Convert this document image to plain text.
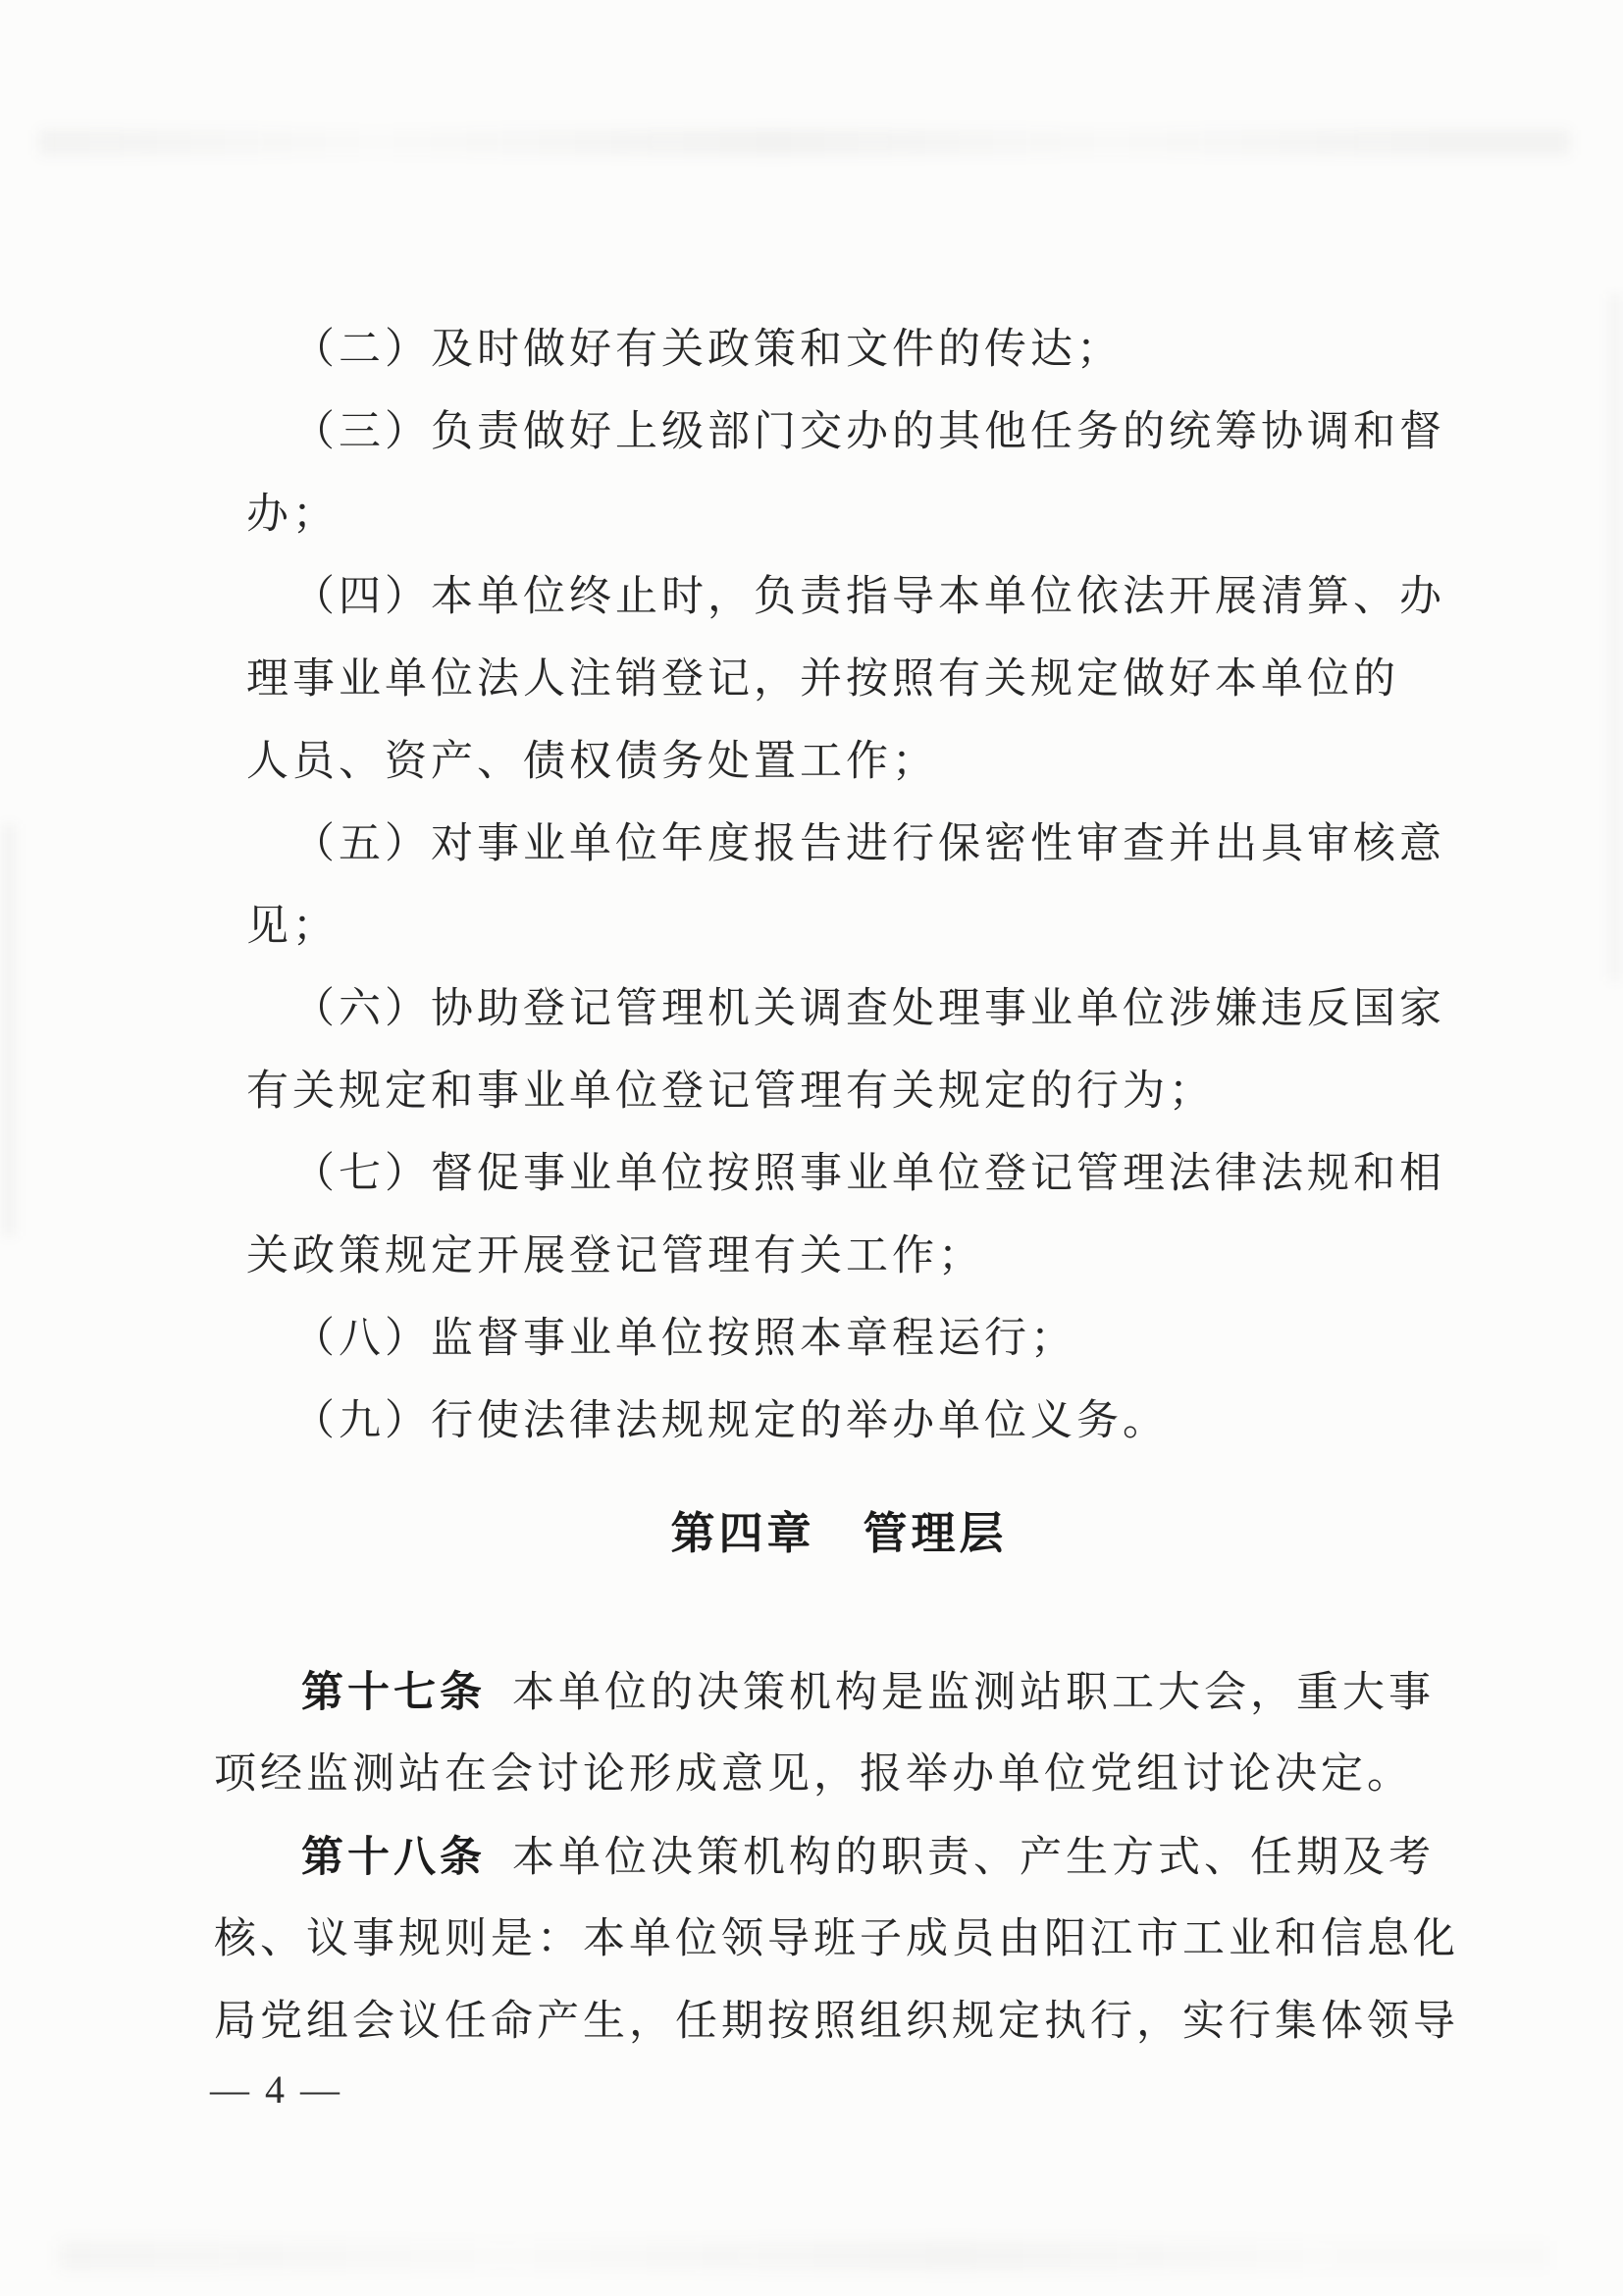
（二）及时做好有关政策和文件的传达；

（三）负责做好上级部门交办的其他任务的统筹协调和督

办；

（四）本单位终止时，负责指导本单位依法开展清算、办

理事业单位法人注销登记，并按照有关规定做好本单位的

人员、资产、债权债务处置工作；

（五）对事业单位年度报告进行保密性审查并出具审核意

见；

（六）协助登记管理机关调查处理事业单位涉嫌违反国家

有关规定和事业单位登记管理有关规定的行为；

（七）督促事业单位按照事业单位登记管理法律法规和相

关政策规定开展登记管理有关工作；

（八）监督事业单位按照本章程运行；

（九）行使法律法规规定的举办单位义务。

第四章　管理层

第十七条 本单位的决策机构是监测站职工大会，重大事

项经监测站在会讨论形成意见，报举办单位党组讨论决定。

第十八条 本单位决策机构的职责、产生方式、任期及考

核、议事规则是：本单位领导班子成员由阳江市工业和信息化

局党组会议任命产生，任期按照组织规定执行，实行集体领导

— 4 —
